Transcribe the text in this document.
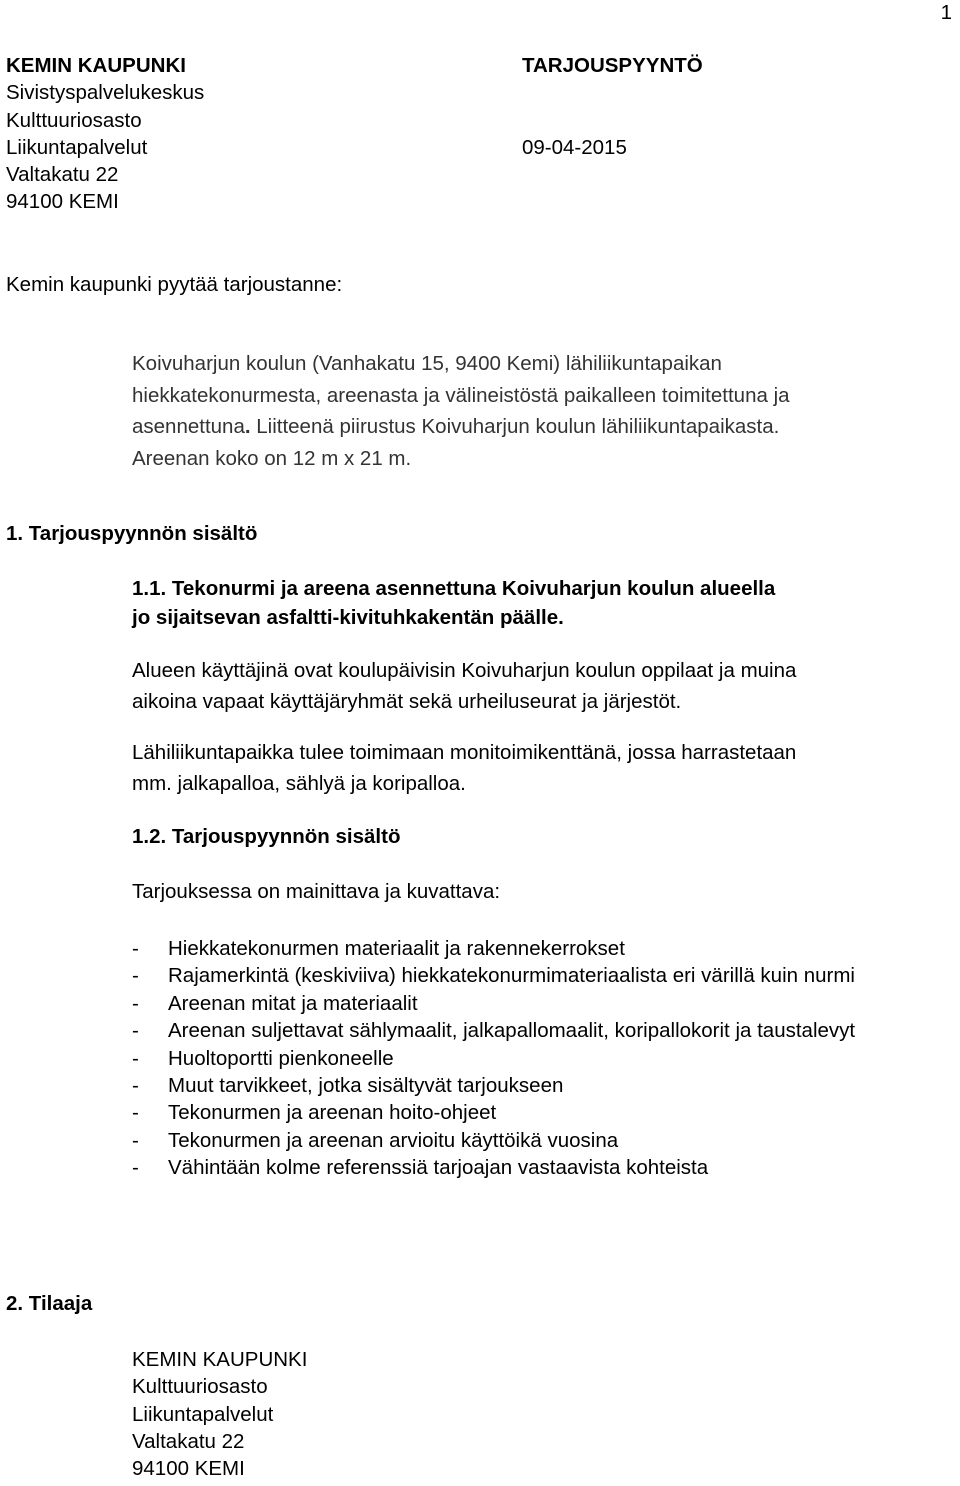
1
KEMIN KAUPUNKI
Sivistyspalvelukeskus
Kulttuuriosasto
Liikuntapalvelut
Valtakatu 22
94100 KEMI
TARJOUSPYYNTÖ
09-04-2015
Kemin kaupunki pyytää tarjoustanne:
Koivuharjun koulun (Vanhakatu 15, 9400 Kemi) lähiliikuntapaikan
hiekkatekonurmesta, areenasta ja välineistöstä paikalleen toimitettuna ja
asennettuna. Liitteenä piirustus Koivuharjun koulun lähiliikuntapaikasta.
Areenan koko on 12 m x 21 m.
1. Tarjouspyynnön sisältö
1.1. Tekonurmi ja areena asennettuna Koivuharjun koulun alueella
jo sijaitsevan asfaltti-kivituhkakentän päälle.
Alueen käyttäjinä ovat koulupäivisin Koivuharjun koulun oppilaat ja muina
aikoina vapaat käyttäjäryhmät sekä urheiluseurat ja järjestöt.
Lähiliikuntapaikka tulee toimimaan monitoimikenttänä, jossa harrastetaan
mm. jalkapalloa, sählyä ja koripalloa.
1.2. Tarjouspyynnön sisältö
Tarjouksessa on mainittava ja kuvattava:
- Hiekkatekonurmen materiaalit ja rakennekerrokset
- Rajamerkintä (keskiviiva) hiekkatekonurmimateriaalista eri värillä kuin nurmi
- Areenan mitat ja materiaalit
- Areenan suljettavat sählymaalit, jalkapallomaalit, koripallokorit ja taustalevyt
- Huoltoportti pienkoneelle
- Muut tarvikkeet, jotka sisältyvät tarjoukseen
- Tekonurmen ja areenan hoito-ohjeet
- Tekonurmen ja areenan arvioitu käyttöikä vuosina
- Vähintään kolme referenssiä tarjoajan vastaavista kohteista
2. Tilaaja
KEMIN KAUPUNKI
Kulttuuriosasto
Liikuntapalvelut
Valtakatu 22
94100 KEMI
